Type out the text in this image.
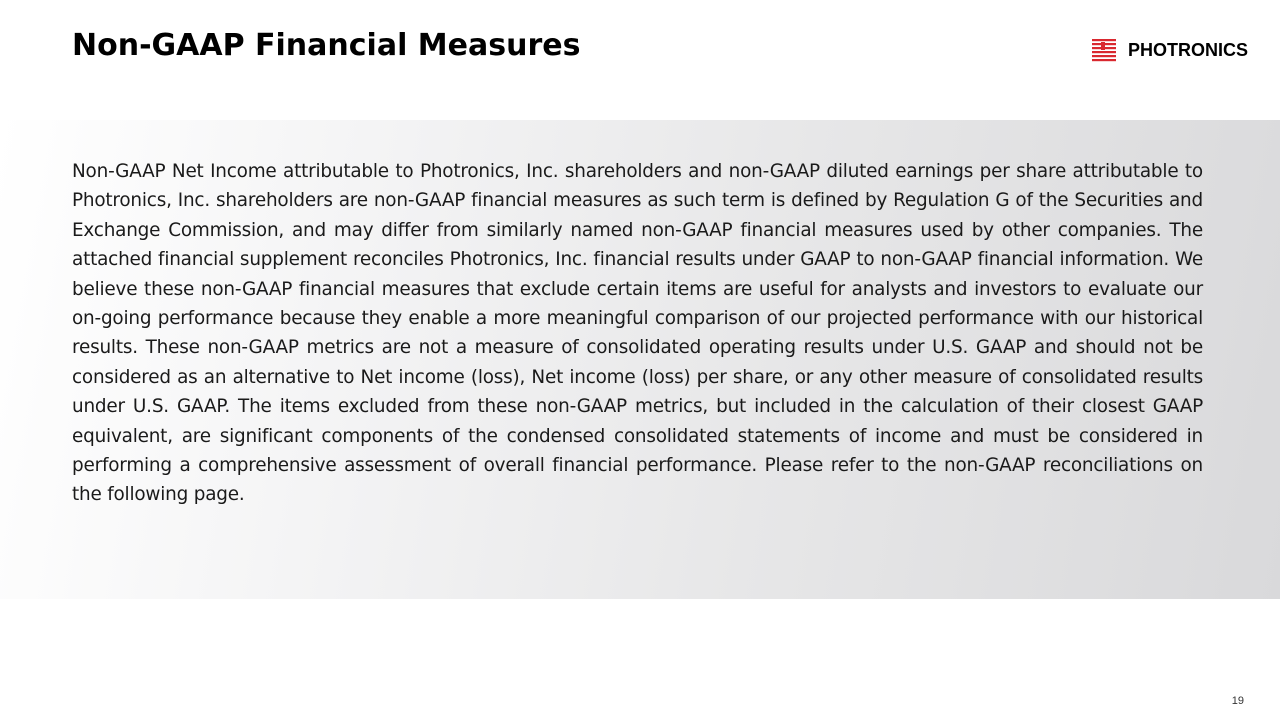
Non-GAAP Financial Measures	PHOTRONICS
Non-GAAP Net Income attributable to Photronics, Inc. shareholders and non-GAAP diluted earnings per share attributable to Photronics, Inc. shareholders are non-GAAP financial measures as such term is defined by Regulation G of the Securities and Exchange Commission, and may differ from similarly named non-GAAP financial measures used by other companies. The attached financial supplement reconciles Photronics, Inc. financial results under GAAP to non-GAAP financial information. We believe these non-GAAP financial measures that exclude certain items are useful for analysts and investors to evaluate our on-going performance because they enable a more meaningful comparison of our projected performance with our historical results. These non-GAAP metrics are not a measure of consolidated operating results under U.S. GAAP and should not be considered as an alternative to Net income (loss), Net income (loss) per share, or any other measure of consolidated results under U.S. GAAP. The items excluded from these non-GAAP metrics, but included in the calculation of their closest GAAP equivalent, are significant components of the condensed consolidated statements of income and must be considered in performing a comprehensive assessment of overall financial performance. Please refer to the non-GAAP reconciliations on the following page.
19
